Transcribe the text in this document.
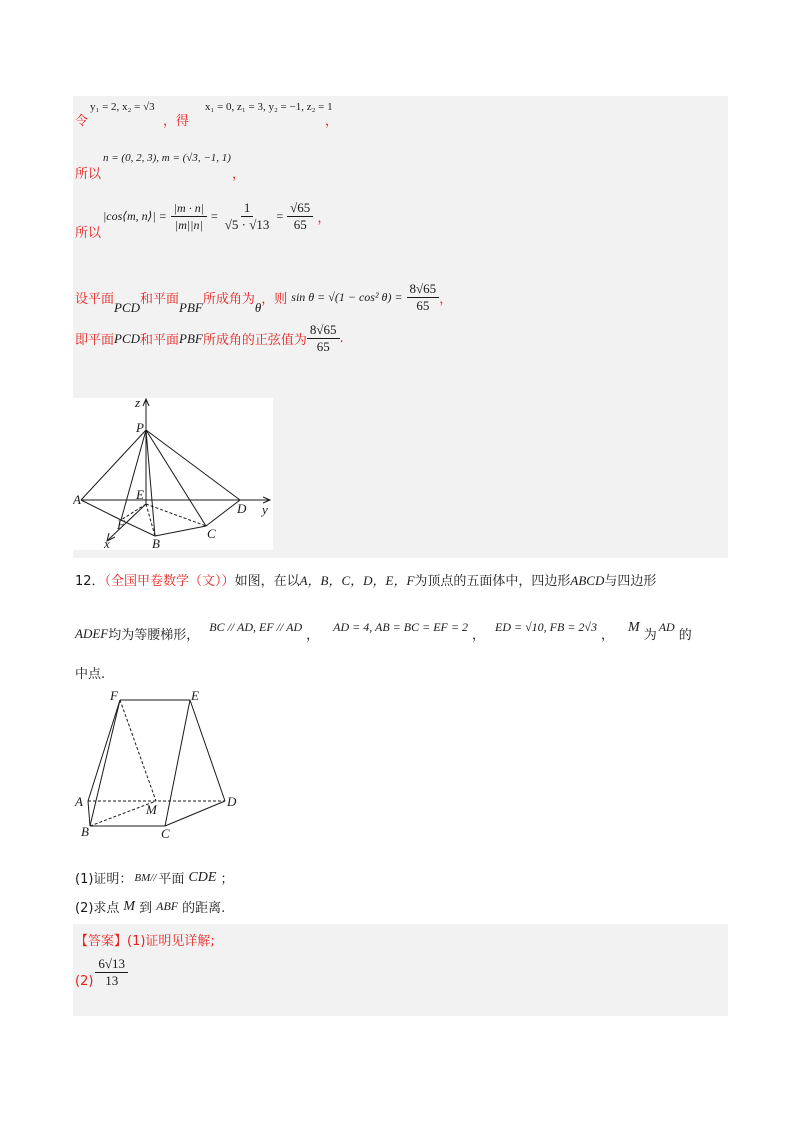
令
y₁ = 2, x₂ = √3
，得
x₁ = 0, z₁ = 3, y₂ = −1, z₂ = 1
，
所以
n = (0, 2, 3), m = (√3, −1, 1)
，
所以
|cos⟨m, n⟩| = $\frac{|m \cdot n|}{|m||n|} = \frac{1}{√5 \cdot √13} = \frac{√65}{65}$ ，
设平面
PCD
和平面
PBF
所成角为
θ
，则 sin θ = √(1 − cos² $\theta) = \frac{8√65}{65}$ ，
即平面 PCD 和平面 PBF 所成角的正弦值为 $\frac{8√65}{65}$ .
z
P
E
A
D y
F
C
B
x
12．（全国甲卷数学（文））如图，在以A，B，C，D，E，F为顶点的五面体中，四边形ABCD与四边形
ADEF 均为等腰梯形，
BC // AD, EF // AD
，
AD = 4, AB = BC = EF = 2
，
ED = √10, FB = 2√3
，
M
为
AD
的
中点.
F	E
A
M
D
B	C
(1)证明： BM// 平面 CDE ；
(2)求点 M 到 ABF 的距离.
【答案】(1)证明见详解;
$(2) \frac{6√13}{13}$
